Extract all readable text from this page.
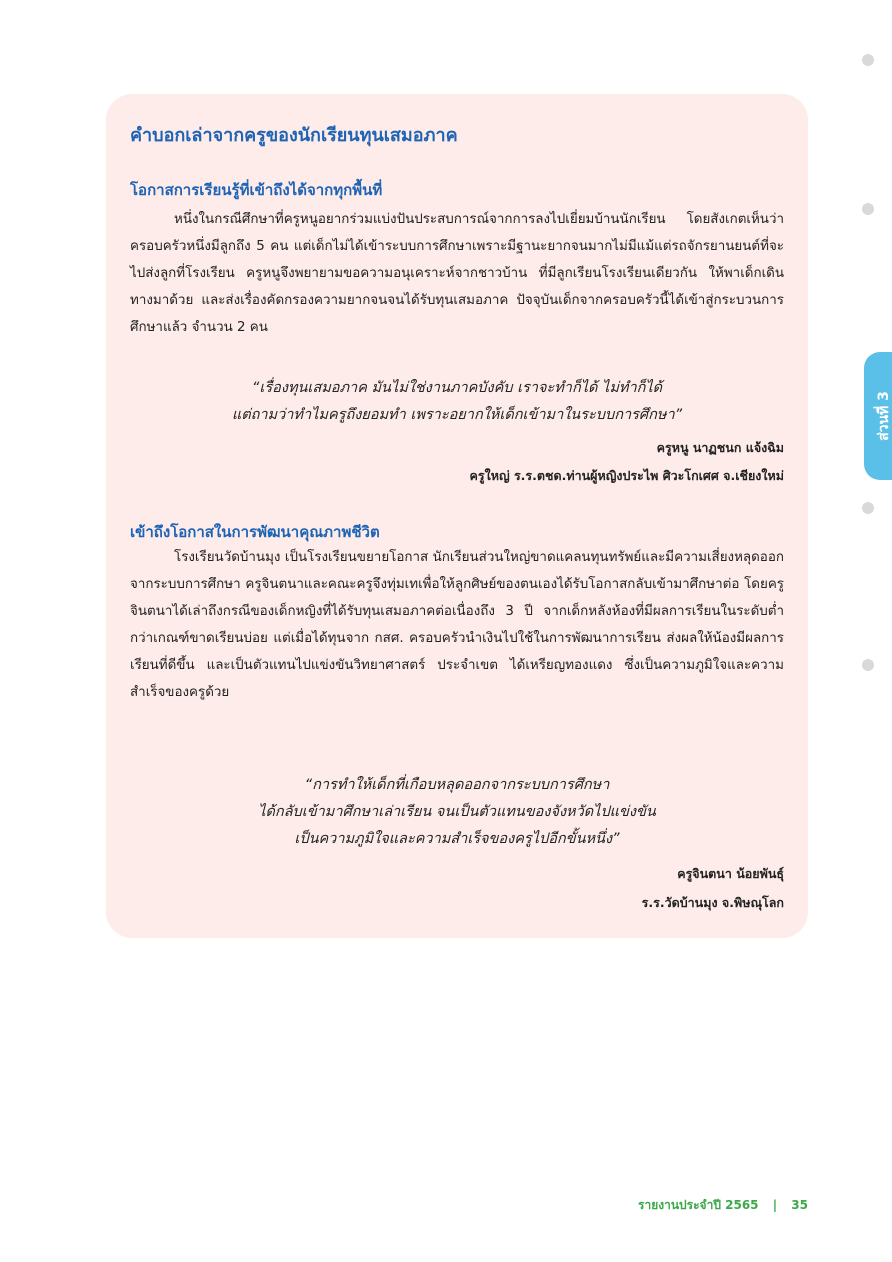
ส่วนที่ 3
คำบอกเล่าจากครูของนักเรียนทุนเสมอภาค
โอกาสการเรียนรู้ที่เข้าถึงได้จากทุกพื้นที่

หนึ่งในกรณีศึกษาที่ครูหนูอยากร่วมแบ่งปันประสบการณ์จากการลงไปเยี่ยมบ้านนักเรียน โดยสังเกตเห็นว่าครอบครัวหนึ่งมีลูกถึง 5 คน แต่เด็กไม่ได้เข้าระบบการศึกษาเพราะมีฐานะยากจนมากไม่มีแม้แต่รถจักรยานยนต์ที่จะไปส่งลูกที่โรงเรียน ครูหนูจึงพยายามขอความอนุเคราะห์จากชาวบ้าน ที่มีลูกเรียนโรงเรียนเดียวกัน ให้พาเด็กเดินทางมาด้วย และส่งเรื่องคัดกรองความยากจนจนได้รับทุนเสมอภาค ปัจจุบันเด็กจากครอบครัวนี้ได้เข้าสู่กระบวนการศึกษาแล้ว จำนวน 2 คน

“เรื่องทุนเสมอภาค มันไม่ใช่งานภาคบังคับ เราจะทำก็ได้ ไม่ทำก็ได้
แต่ถามว่าทำไมครูถึงยอมทำ เพราะอยากให้เด็กเข้ามาในระบบการศึกษา”

ครูหนู นาฏชนก แจ้งฉิม

ครูใหญ่ ร.ร.ตชด.ท่านผู้หญิงประไพ ศิวะโกเศศ จ.เชียงใหม่

เข้าถึงโอกาสในการพัฒนาคุณภาพชีวิต

โรงเรียนวัดบ้านมุง เป็นโรงเรียนขยายโอกาส นักเรียนส่วนใหญ่ขาดแคลนทุนทรัพย์และมีความเสี่ยงหลุดออกจากระบบการศึกษา ครูจินตนาและคณะครูจึงทุ่มเทเพื่อให้ลูกศิษย์ของตนเองได้รับโอกาสกลับเข้ามาศึกษาต่อ โดยครูจินตนาได้เล่าถึงกรณีของเด็กหญิงที่ได้รับทุนเสมอภาคต่อเนื่องถึง 3 ปี จากเด็กหลังห้องที่มีผลการเรียนในระดับต่ำกว่าเกณฑ์ขาดเรียนบ่อย แต่เมื่อได้ทุนจาก กสศ. ครอบครัวนำเงินไปใช้ในการพัฒนาการเรียน ส่งผลให้น้องมีผลการเรียนที่ดีขึ้น และเป็นตัวแทนไปแข่งขันวิทยาศาสตร์ ประจำเขต ได้เหรียญทองแดง ซึ่งเป็นความภูมิใจและความสำเร็จของครูด้วย

“การทำให้เด็กที่เกือบหลุดออกจากระบบการศึกษา
ได้กลับเข้ามาศึกษาเล่าเรียน จนเป็นตัวแทนของจังหวัดไปแข่งขัน
เป็นความภูมิใจและความสำเร็จของครูไปอีกขั้นหนึ่ง”

ครูจินตนา น้อยพันธุ์

ร.ร.วัดบ้านมุง จ.พิษณุโลก

รายงานประจำปี 2565 | 35
